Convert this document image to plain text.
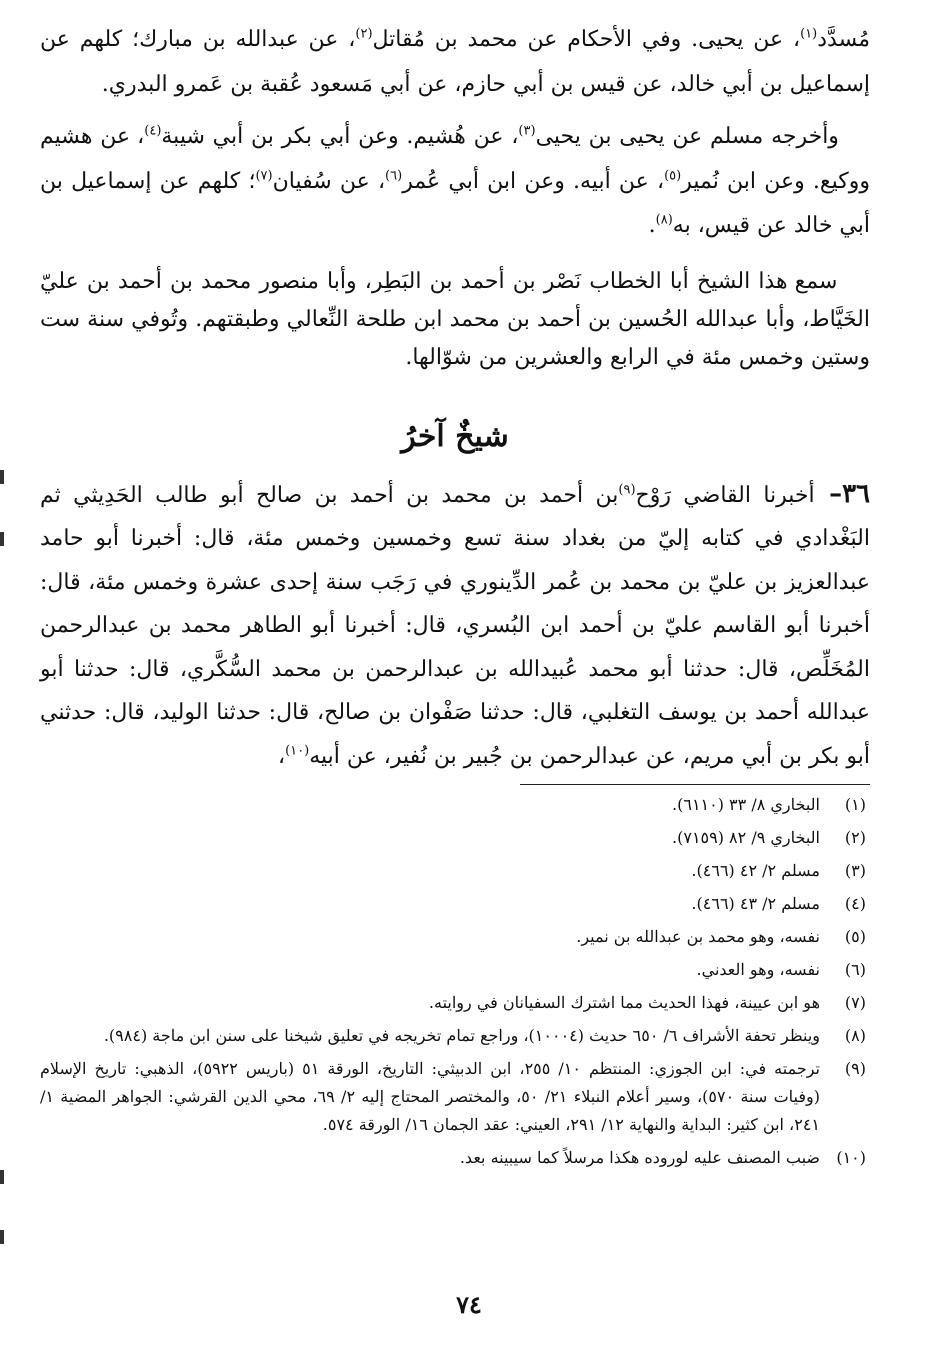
مُسدَّد$^{(١)}$، عن يحيى. وفي الأحكام عن محمد بن مُقاتل$^{(٢)}$، عن عبدالله بن مبارك؛ كلهم عن إسماعيل بن أبي خالد، عن قيس بن أبي حازم، عن أبي مَسعود عُقبة بن عَمرو البدري.

وأخرجه مسلم عن يحيى بن يحيى$^{(٣)}$، عن هُشيم. وعن أبي بكر بن أبي شيبة$^{(٤)}$، عن هشيم ووكيع. وعن ابن نُمير$^{(٥)}$، عن أبيه. وعن ابن أبي عُمر$^{(٦)}$، عن سُفيان$^{(٧)}$؛ كلهم عن إسماعيل بن أبي خالد عن قيس، به$^{(٨)}$.

سمع هذا الشيخ أبا الخطاب نَصْر بن أحمد بن البَطِر، وأبا منصور محمد بن أحمد بن عليّ الخَيَّاط، وأبا عبدالله الحُسين بن أحمد بن محمد ابن طلحة النِّعالي وطبقتهم. وتُوفي سنة ست وستين وخمس مئة في الرابع والعشرين من شوّالها.

شيخٌ آخرُ

٣٦– أخبرنا القاضي رَوْح$^{(٩)}$بن أحمد بن محمد بن أحمد بن صالح أبو طالب الحَدِيثي ثم البَغْدادي في كتابه إليّ من بغداد سنة تسع وخمسين وخمس مئة، قال: أخبرنا أبو حامد عبدالعزيز بن عليّ بن محمد بن عُمر الدِّينوري في رَجَب سنة إحدى عشرة وخمس مئة، قال: أخبرنا أبو القاسم عليّ بن أحمد ابن البُسري، قال: أخبرنا أبو الطاهر محمد بن عبدالرحمن المُخَلِّص، قال: حدثنا أبو محمد عُبيدالله بن عبدالرحمن بن محمد السُّكَّري، قال: حدثنا أبو عبدالله أحمد بن يوسف التغلبي، قال: حدثنا صَفْوان بن صالح، قال: حدثنا الوليد، قال: حدثني أبو بكر بن أبي مريم، عن عبدالرحمن بن جُبير بن نُفير، عن أبيه$^{(١٠)}$،

(١)
البخاري ٨/ ٣٣ (٦١١٠).
(٢)
البخاري ٩/ ٨٢ (٧١٥٩).
(٣)
مسلم ٢/ ٤٢ (٤٦٦).
(٤)
مسلم ٢/ ٤٣ (٤٦٦).
(٥)
نفسه، وهو محمد بن عبدالله بن نمير.
(٦)
نفسه، وهو العدني.
(٧)
هو ابن عيينة، فهذا الحديث مما اشترك السفيانان في روايته.
(٨)
وينظر تحفة الأشراف ٦/ ٦٥٠ حديث (١٠٠٠٤)، وراجع تمام تخريجه في تعليق شيخنا على سنن ابن ماجة (٩٨٤).
(٩)
ترجمته في: ابن الجوزي: المنتظم ١٠/ ٢٥٥، ابن الدبيثي: التاريخ، الورقة ٥١ (باريس ٥٩٢٢)، الذهبي: تاريخ الإسلام (وفيات سنة ٥٧٠)، وسير أعلام النبلاء ٢١/ ٥٠، والمختصر المحتاج إليه ٢/ ٦٩، محي الدين القرشي: الجواهر المضية ١/ ٢٤١، ابن كثير: البداية والنهاية ١٢/ ٢٩١، العيني: عقد الجمان ١٦/ الورقة ٥٧٤.
(١٠)
ضبب المصنف عليه لوروده هكذا مرسلاً كما سيبينه بعد.
٧٤
